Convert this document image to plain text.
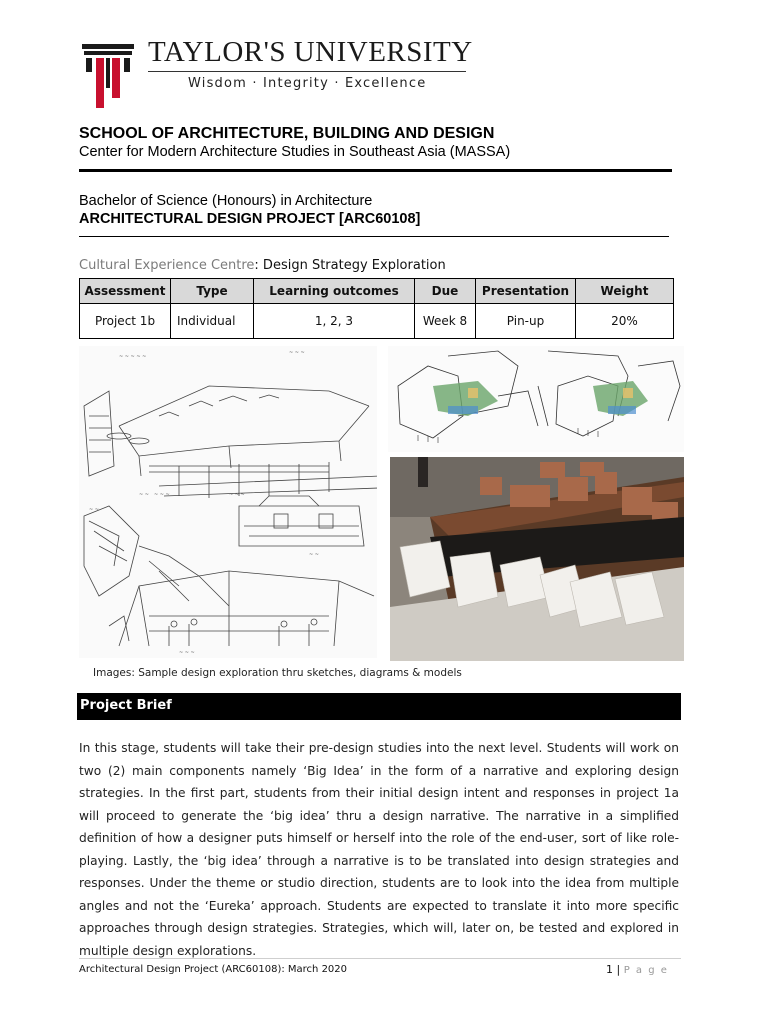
TAYLOR'S UNIVERSITY
Wisdom · Integrity · Excellence
SCHOOL OF ARCHITECTURE, BUILDING AND DESIGN
Center for Modern Architecture Studies in Southeast Asia (MASSA)
Bachelor of Science (Honours) in Architecture
ARCHITECTURAL DESIGN PROJECT [ARC60108]
Cultural Experience Centre: Design Strategy Exploration
Assessment	Type	Learning outcomes	Due	Presentation	Weight
Project 1b	Individual	1, 2, 3	Week 8	Pin-up	20%
~ ~ ~ ~ ~
~ ~ ~
~ ~	~ ~ ~
~ ~ ~
~ ~
~ ~
~ ~ ~
Images: Sample design exploration thru sketches, diagrams & models
Project Brief
In this stage, students will take their pre-design studies into the next level. Students will work on two (2) main components namely ‘Big Idea’ in the form of a narrative and exploring design strategies. In the first part, students from their initial design intent and responses in project 1a will proceed to generate the ‘big idea’ thru a design narrative. The narrative in a simplified definition of how a designer puts himself or herself into the role of the end-user, sort of like role-playing. Lastly, the ‘big idea’ through a narrative is to be translated into design strategies and responses. Under the theme or studio direction, students are to look into the idea from multiple angles and not the ‘Eureka’ approach. Students are expected to translate it into more specific approaches through design strategies. Strategies, which will, later on, be tested and explored in multiple design explorations.
Architectural Design Project (ARC60108): March 2020	1 | P a g e
